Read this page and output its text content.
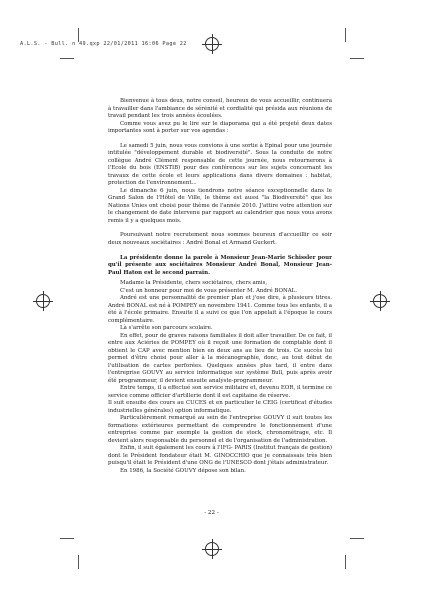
A.L.S. - Bull. n 49.qxp 22/01/2011 16:06 Page 22

Bienvenue à tous deux, notre conseil, heureux de vous accueillir, continuera à travailler dans l'ambiance de sérénité et cordialité qui présida aux réunions de travail pendant les trois années écoulées.

Comme vous avez pu le lire sur le diaporama qui a été projeté deux dates importantes sont à porter sur vos agendas :

Le samedi 5 juin, nous vous convions à une sortie à Epinal pour une journée intitulée "développement durable et biodiversité". Sous la conduite de notre collègue André Clément responsable de cette journée, nous retournerons à l'Ecole du bois (ENSTIB) pour des conférences sur les sujets concernant les travaux de cette école et leurs applications dans divers domaines : habitat, protection de l'environnement...

Le dimanche 6 juin, nous tiendrons notre séance exceptionnelle dans le Grand Salon de l'Hôtel de Ville, le thème est aussi "la Biodiversité" que les Nations Unies ont choisi pour thème de l'année 2010. J'attire votre attention sur le changement de date intervenu par rapport au calendrier que nous vous avons remis il y a quelques mois.

Poursuivant notre recrutement nous sommes heureux d'accueillir ce soir deux nouveaux sociétaires : André Bonal et Armand Guckert.

La présidente donne la parole à Monsieur Jean-Marie Schissler pour qu'il présente aux sociétaires Monsieur André Bonal, Monsieur Jean-Paul Haton est le second parrain.

Madame la Présidente, chers sociétaires, chers amis,

C'est un honneur pour moi de vous présenter M. André BONAL.

André est une personnalité de premier plan et j'ose dire, à plusieurs titres. André BONAL est né à POMPEY en novembre 1941. Comme tous les enfants, il a été à l'école primaire. Ensuite il a suivi ce que l'on appelait à l'époque le cours complémentaire.

Là s'arrête son parcours scolaire.

En effet, pour de graves raisons familiales il doit aller travailler. De ce fait, il entre aux Aciéries de POMPEY où il reçoit une formation de comptable dont il obtient le CAP avec mention bien en deux ans au lieu de trois. Ce succès lui permet d'être choisi pour aller à la mécanographie, donc, au tout début de l'utilisation de cartes perforées. Quelques années plus tard, il entre dans l'entreprise GOUVY au service informatique sur système Bull, puis après avoir été programmeur, il devient ensuite analyste-programmeur.

Entre temps, il a effectué son service militaire et, devenu EOR, il termine ce service comme officier d'artillerie dont il est capitaine de réserve.

Il suit ensuite des cours au CUCES et en particulier le CEIG (certificat d'études industrielles générales) option informatique.

Particulièrement remarqué au sein de l'entreprise GOUVY il suit toutes les formations extérieures permettant de comprendre le fonctionnement d'une entreprise comme par exemple la gestion de stock, chronométrage, etc. Il devient alors responsable du personnel et de l'organisation de l'administration.

Enfin, il suit également les cours à l'IFG- PARIS (Institut français de gestion) dont le Président fondateur était M. GINOCCHIO que je connaissais très bien puisqu'il était le Président d'une ONG de l'UNESCO dont j'étais administrateur.

En 1986, la Société GOUVY dépose son bilan.

- 22 -
